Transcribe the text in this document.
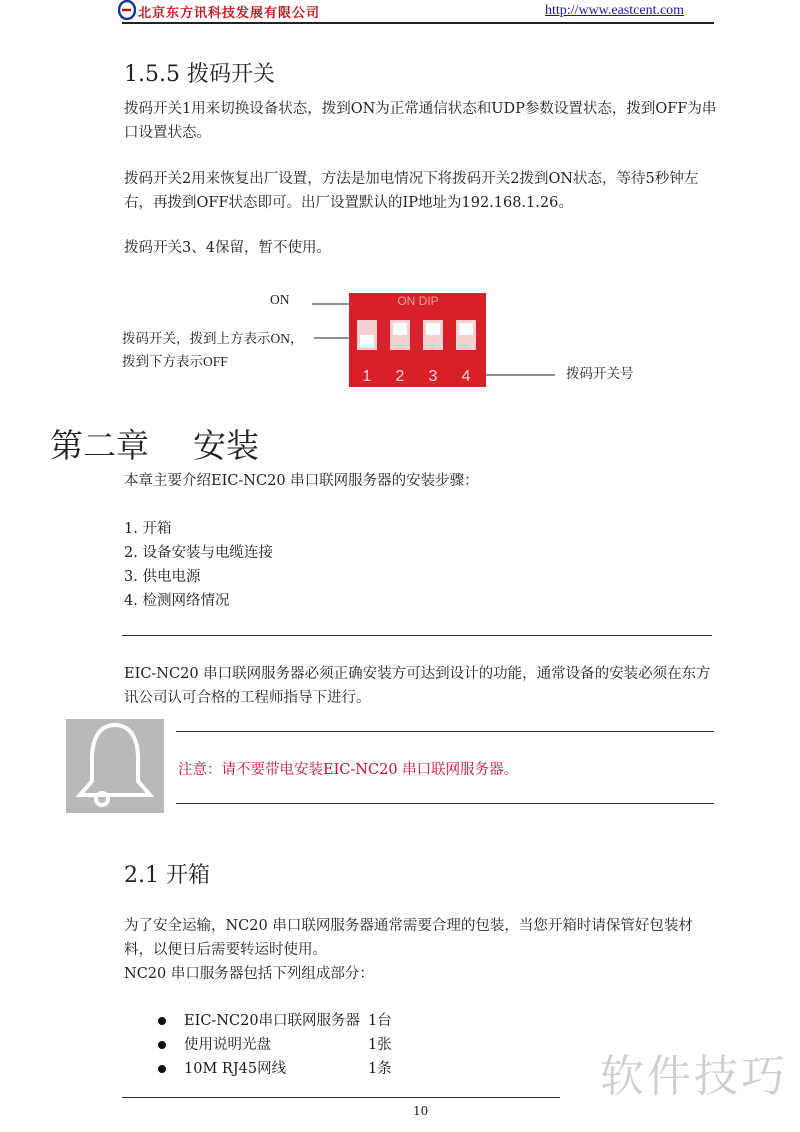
北京东方讯科技发展有限公司	http://www.eastcent.com
1.5.5 拨码开关
拨码开关1用来切换设备状态，拨到ON为正常通信状态和UDP参数设置状态，拨到OFF为串口设置状态。
拨码开关2用来恢复出厂设置，方法是加电情况下将拨码开关2拨到ON状态，等待5秒钟左右，再拨到OFF状态即可。出厂设置默认的IP地址为192.168.1.26。
拨码开关3、4保留，暂不使用。
ON
拨码开关，拨到上方表示ON，
拨到下方表示OFF
拨码开关号
ON DIP
1 2 3 4
第二章 安装
本章主要介绍EIC-NC20 串口联网服务器的安装步骤：
1. 开箱
2. 设备安装与电缆连接
3. 供电电源
4. 检测网络情况
EIC-NC20 串口联网服务器必须正确安装方可达到设计的功能，通常设备的安装必须在东方讯公司认可合格的工程师指导下进行。
注意：请不要带电安装EIC-NC20 串口联网服务器。
2.1 开箱
为了安全运输，NC20 串口联网服务器通常需要合理的包装，当您开箱时请保管好包装材料，以便日后需要转运时使用。
NC20 串口服务器包括下列组成部分：
EIC-NC20串口联网服务器 1台
使用说明光盘	1张
10M RJ45网线	1条
10
软件技巧
